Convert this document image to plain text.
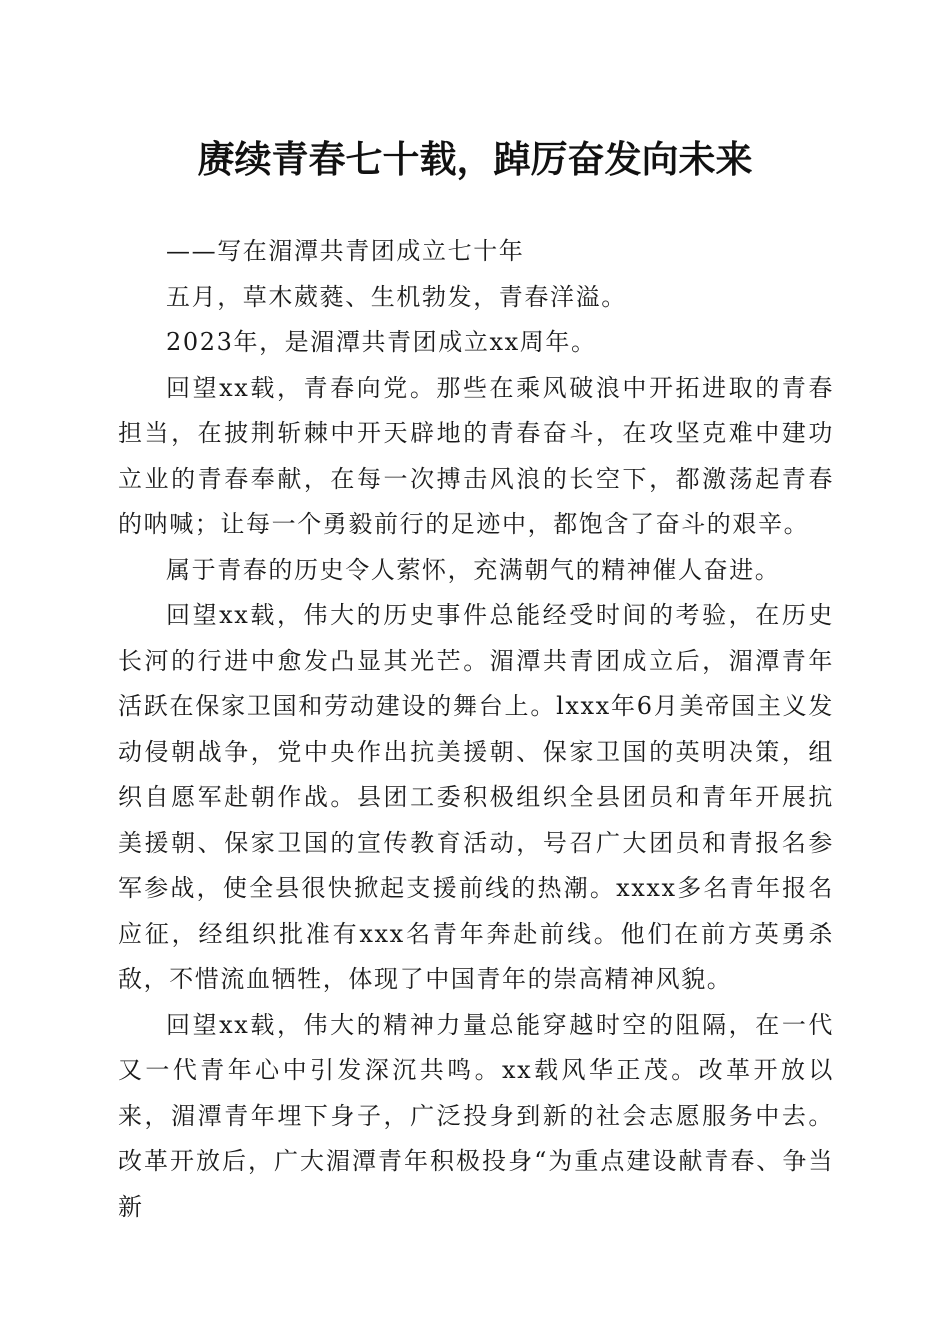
赓续青春七十载，踔厉奋发向未来

——写在湄潭共青团成立七十年

五月，草木葳蕤、生机勃发，青春洋溢。

2023年，是湄潭共青团成立xx周年。

回望xx载，青春向党。那些在乘风破浪中开拓进取的青春担当，在披荆斩棘中开天辟地的青春奋斗，在攻坚克难中建功立业的青春奉献，在每一次搏击风浪的长空下，都激荡起青春的呐喊；让每一个勇毅前行的足迹中，都饱含了奋斗的艰辛。

属于青春的历史令人萦怀，充满朝气的精神催人奋进。

回望xx载，伟大的历史事件总能经受时间的考验，在历史长河的行进中愈发凸显其光芒。湄潭共青团成立后，湄潭青年活跃在保家卫国和劳动建设的舞台上。lxxx年6月美帝国主义发动侵朝战争，党中央作出抗美援朝、保家卫国的英明决策，组织自愿军赴朝作战。县团工委积极组织全县团员和青年开展抗美援朝、保家卫国的宣传教育活动，号召广大团员和青报名参军参战，使全县很快掀起支援前线的热潮。xxxx多名青年报名应征，经组织批准有xxx名青年奔赴前线。他们在前方英勇杀敌，不惜流血牺牲，体现了中国青年的崇高精神风貌。

回望xx载，伟大的精神力量总能穿越时空的阻隔，在一代又一代青年心中引发深沉共鸣。xx载风华正茂。改革开放以来，湄潭青年埋下身子，广泛投身到新的社会志愿服务中去。改革开放后，广大湄潭青年积极投身“为重点建设献青春、争当新
